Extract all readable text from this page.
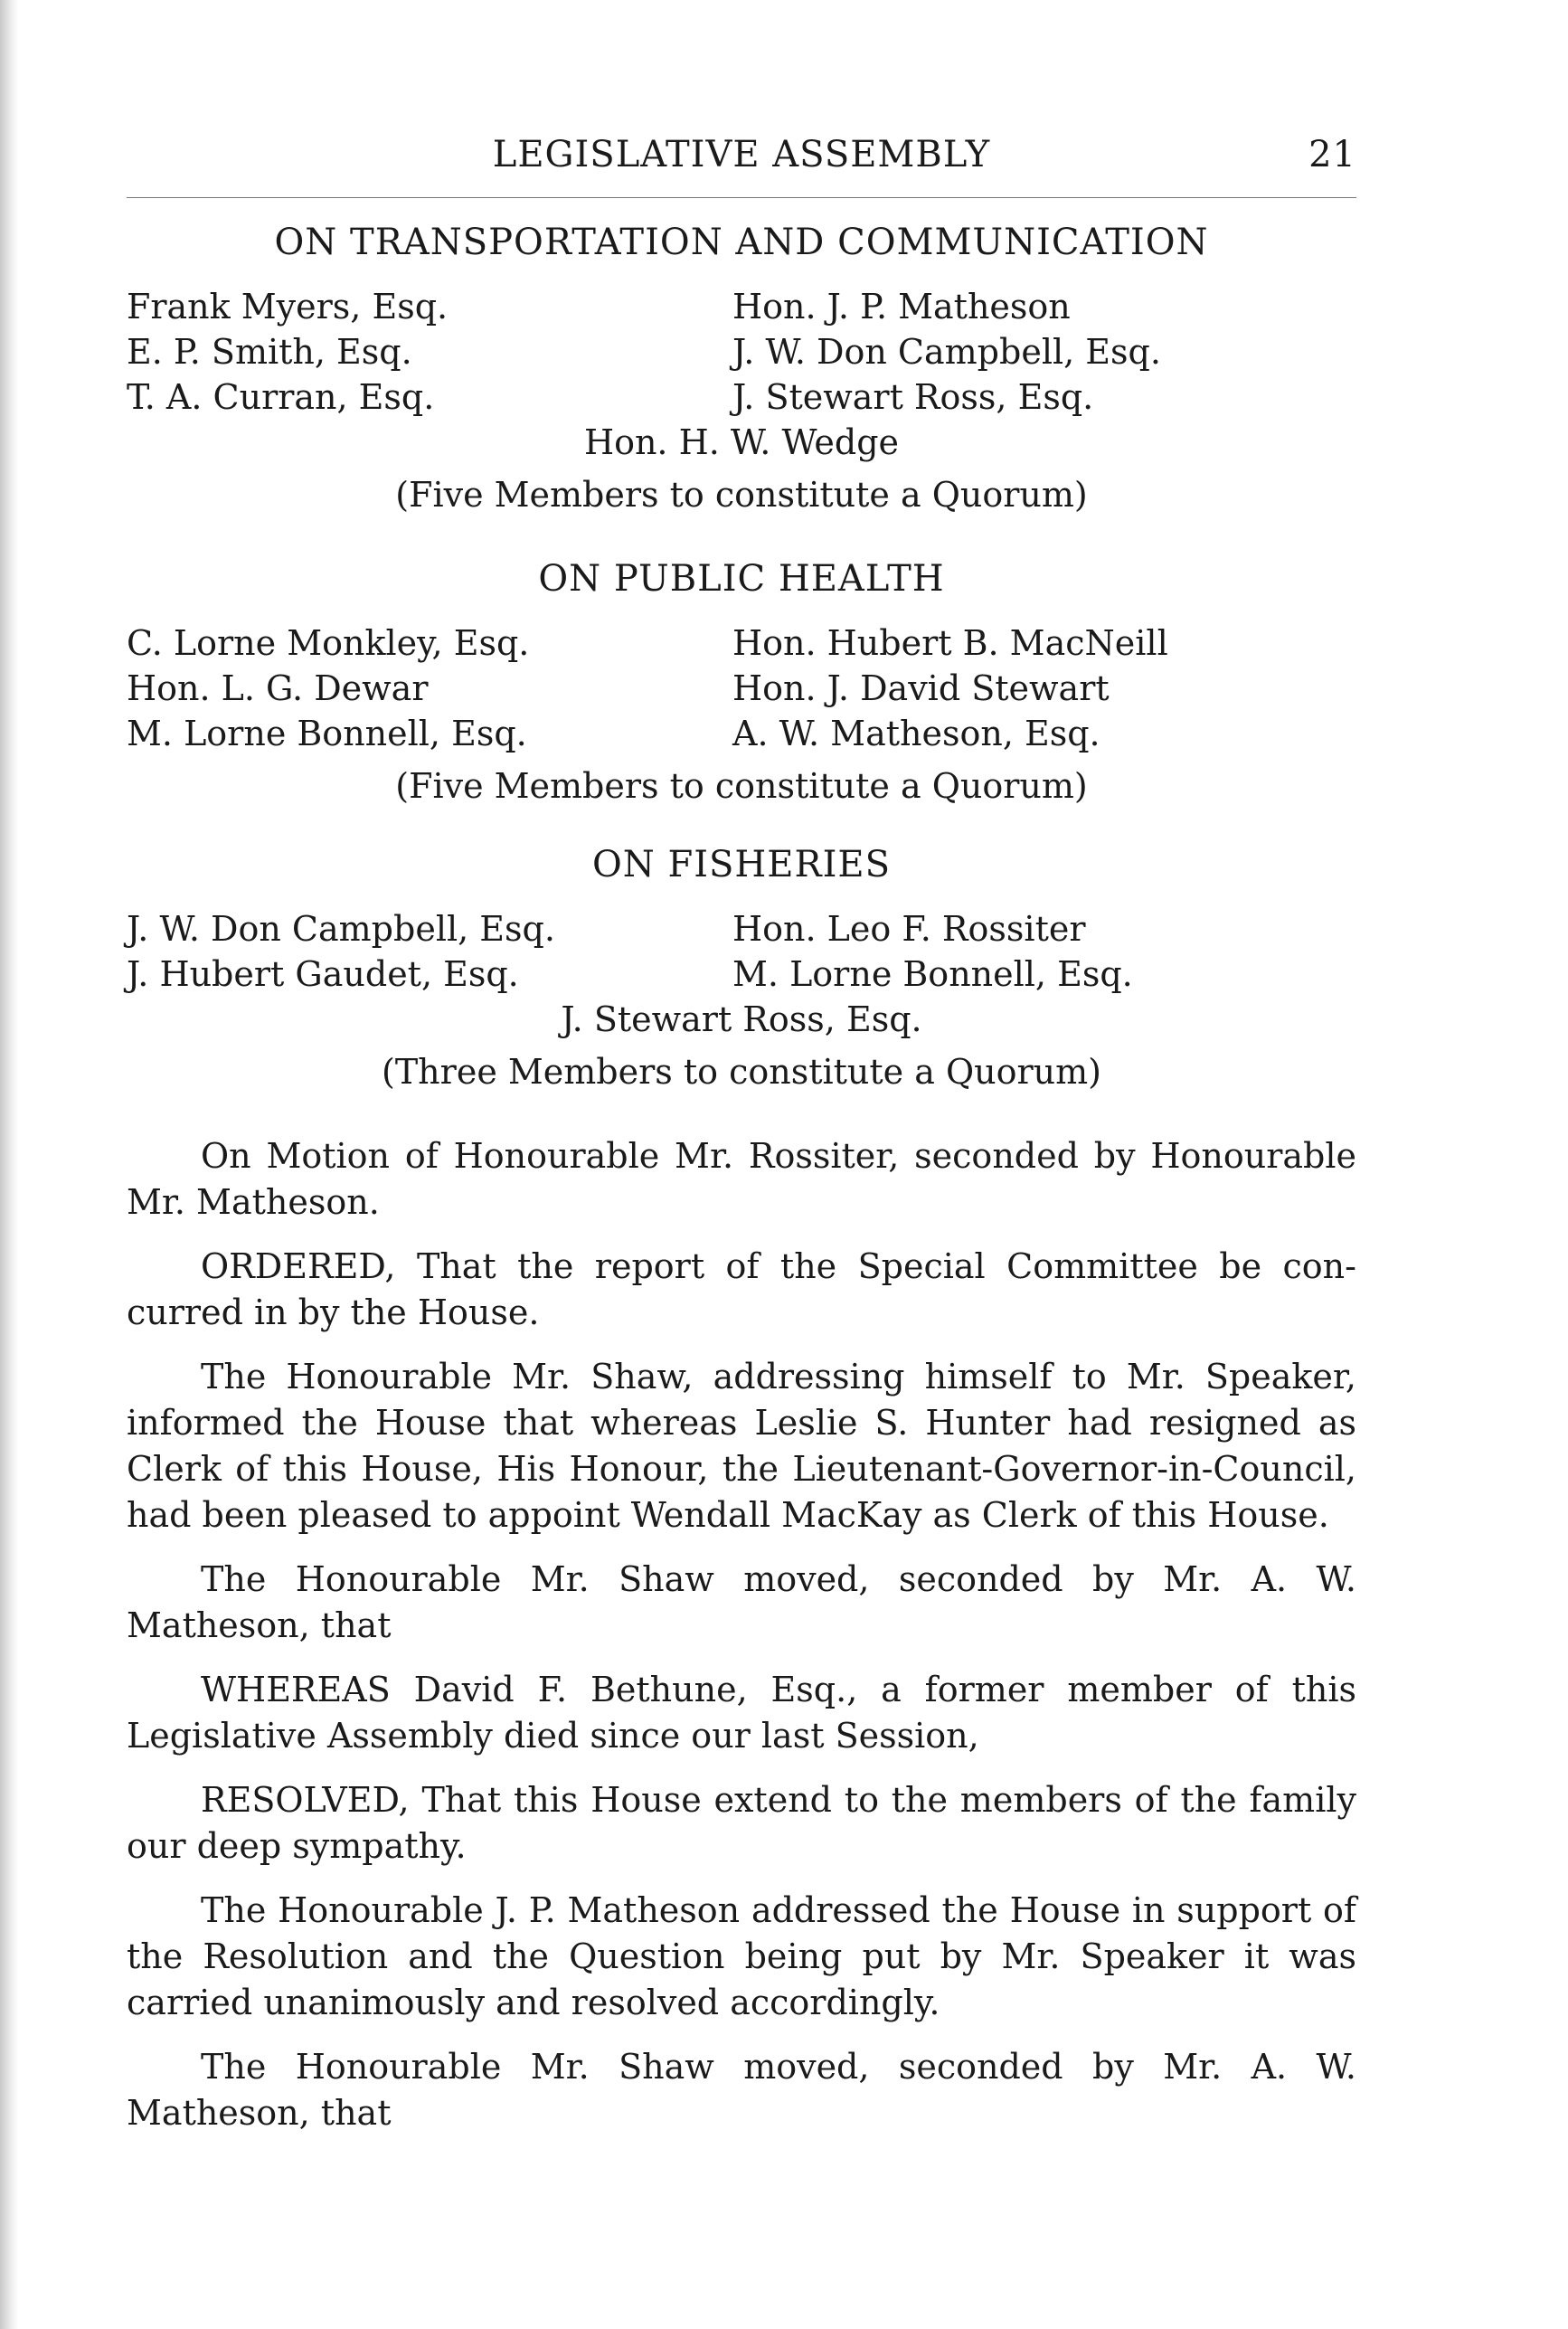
LEGISLATIVE ASSEMBLY	21
ON TRANSPORTATION AND COMMUNICATION
Frank Myers, Esq.	Hon. J. P. Matheson
E. P. Smith, Esq.	J. W. Don Campbell, Esq.
T. A. Curran, Esq.	J. Stewart Ross, Esq.
Hon. H. W. Wedge
(Five Members to constitute a Quorum)
ON PUBLIC HEALTH
C. Lorne Monkley, Esq.	Hon. Hubert B. MacNeill
Hon. L. G. Dewar	Hon. J. David Stewart
M. Lorne Bonnell, Esq.	A. W. Matheson, Esq.
(Five Members to constitute a Quorum)
ON FISHERIES
J. W. Don Campbell, Esq.	Hon. Leo F. Rossiter
J. Hubert Gaudet, Esq.	M. Lorne Bonnell, Esq.
J. Stewart Ross, Esq.
(Three Members to constitute a Quorum)

On Motion of Honourable Mr. Rossiter, seconded by Honourable Mr. Matheson.

ORDERED, That the report of the Special Committee be concurred in by the House.

The Honourable Mr. Shaw, addressing himself to Mr. Speaker, informed the House that whereas Leslie S. Hunter had resigned as Clerk of this House, His Honour, the Lieutenant-Governor-in-Council, had been pleased to appoint Wendall MacKay as Clerk of this House.

The Honourable Mr. Shaw moved, seconded by Mr. A. W. Matheson, that

WHEREAS David F. Bethune, Esq., a former member of this Legislative Assembly died since our last Session,

RESOLVED, That this House extend to the members of the family our deep sympathy.

The Honourable J. P. Matheson addressed the House in support of the Resolution and the Question being put by Mr. Speaker it was carried unanimously and resolved accordingly.

The Honourable Mr. Shaw moved, seconded by Mr. A. W. Matheson, that
